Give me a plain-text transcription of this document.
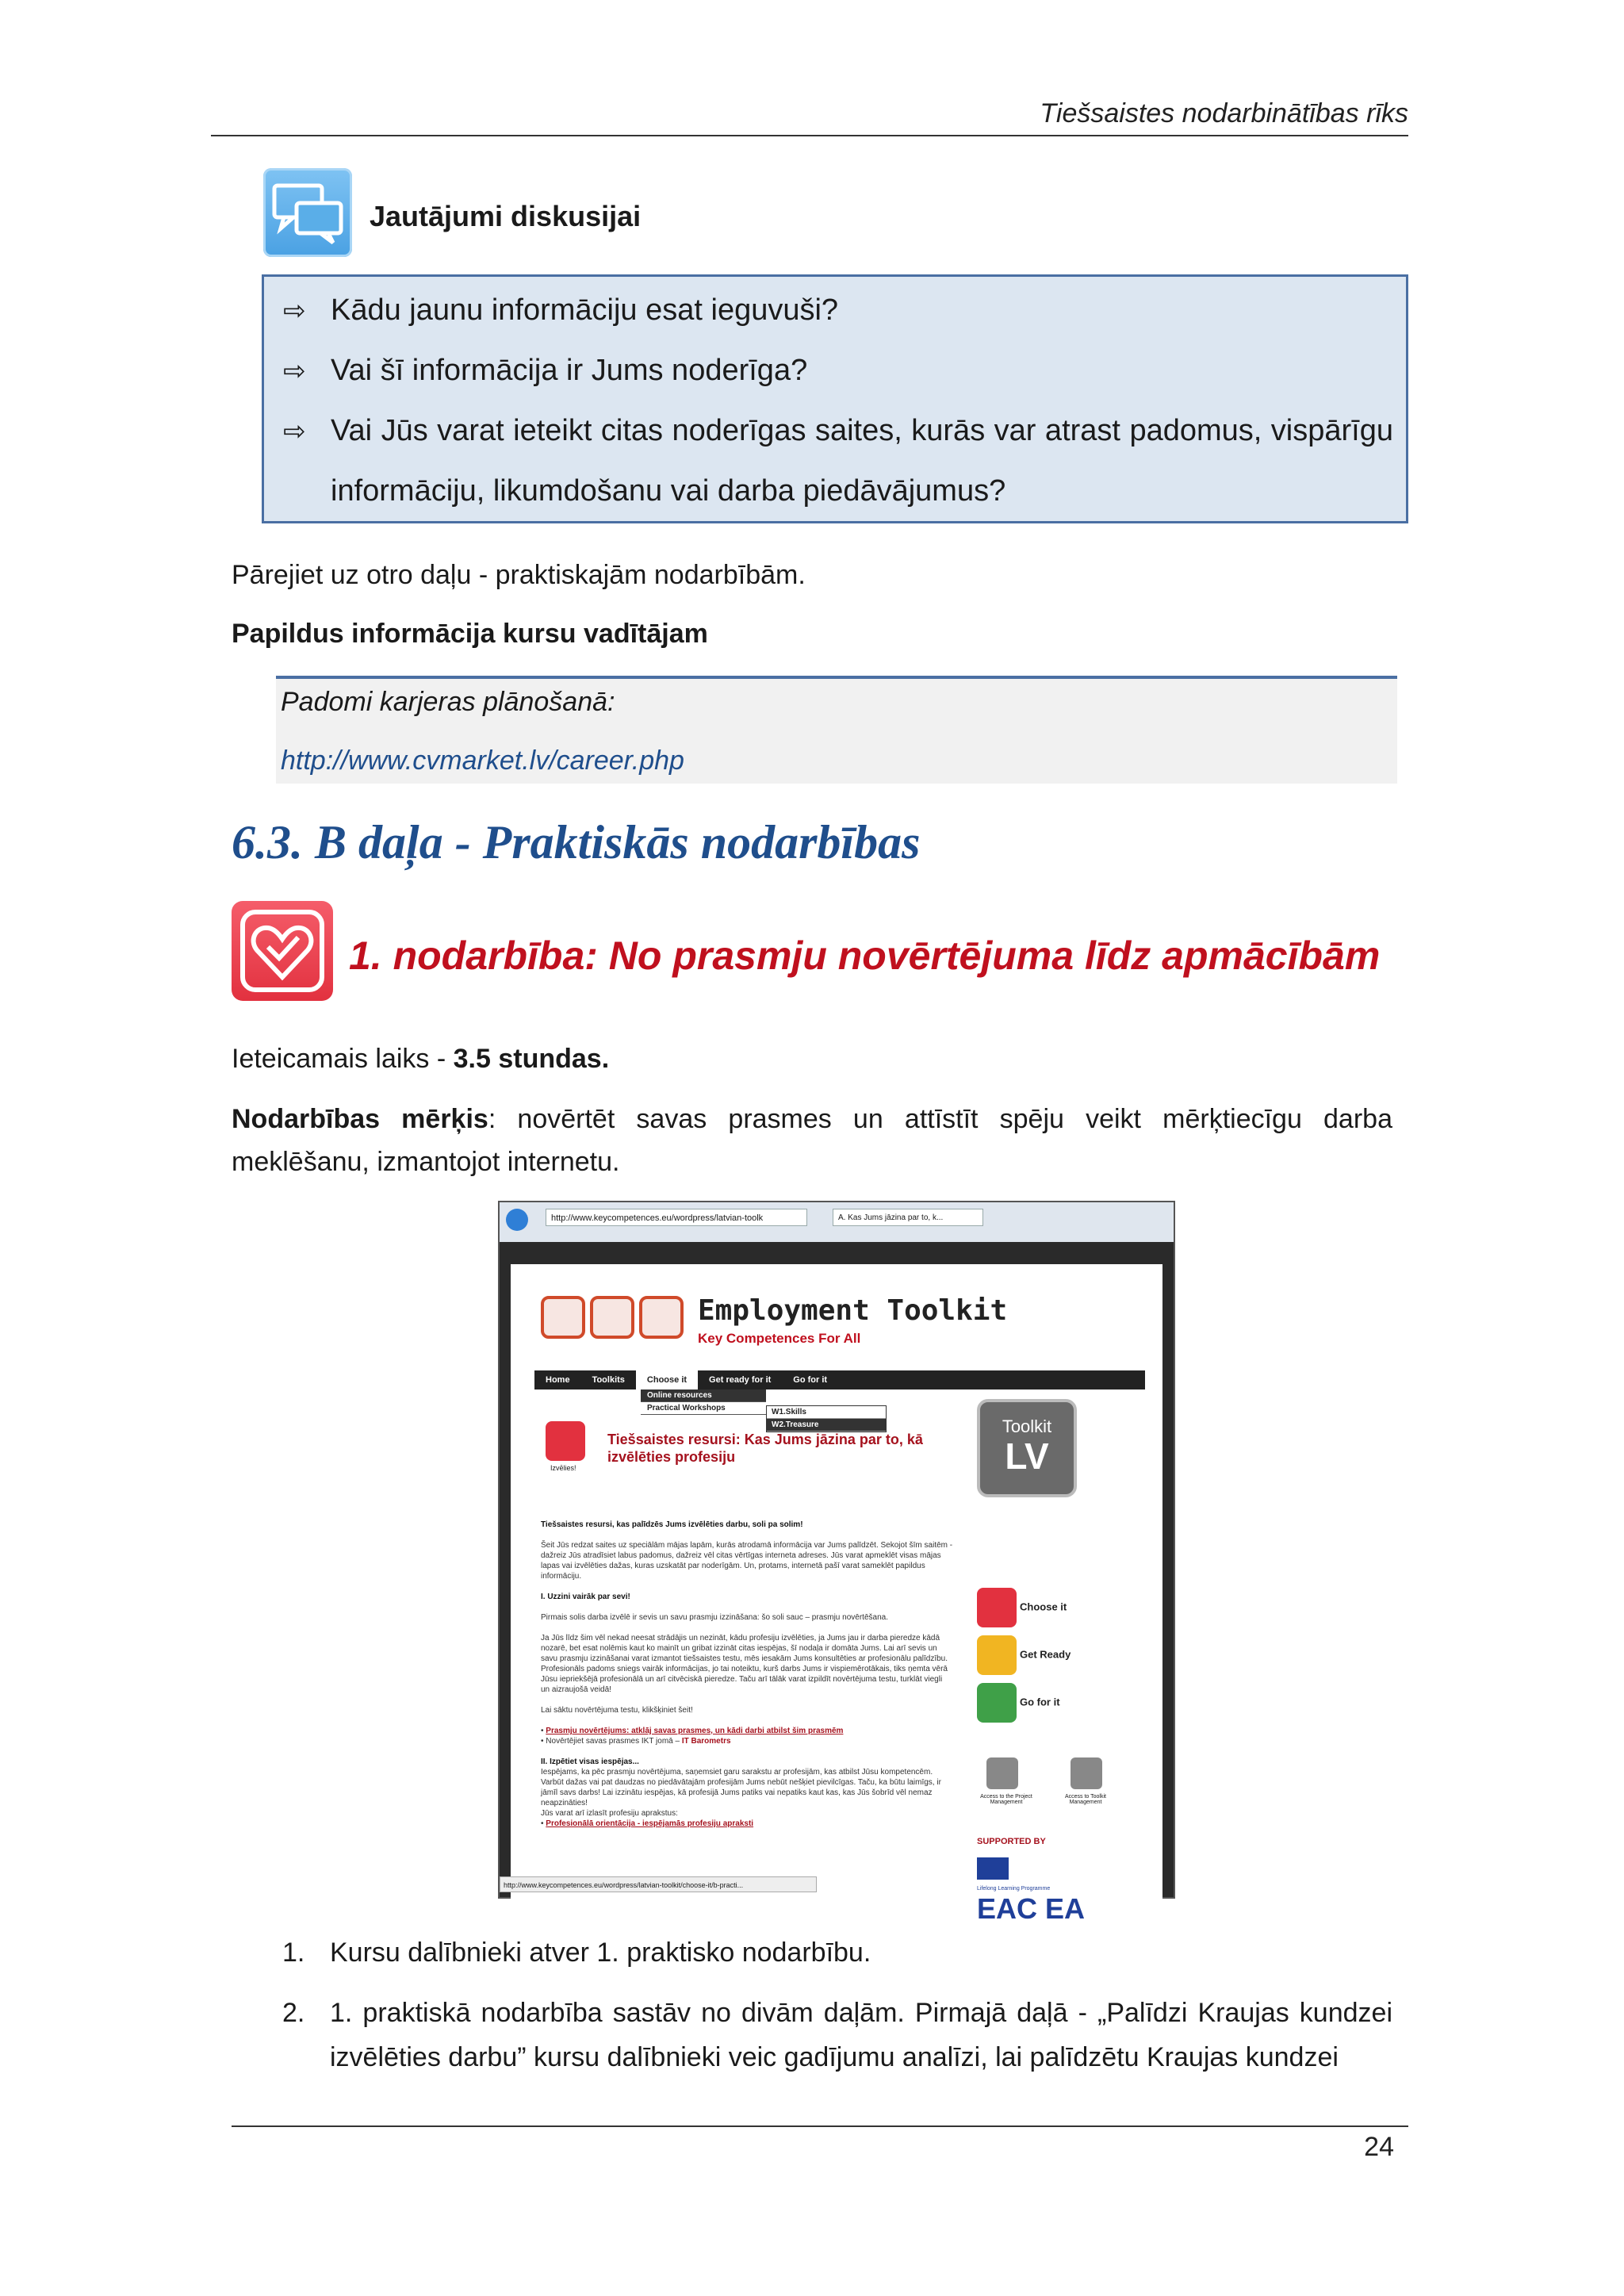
Tiešsaistes nodarbinātības rīks
Jautājumi diskusijai
⇨ Kādu jaunu informāciju esat ieguvuši?
⇨ Vai šī informācija ir Jums noderīga?
⇨ Vai Jūs varat ieteikt citas noderīgas saites, kurās var atrast padomus, vispārīgu informāciju, likumdošanu vai darba piedāvājumus?
Pārejiet uz otro daļu - praktiskajām nodarbībām.
Papildus informācija kursu vadītājam
Padomi karjeras plānošanā:
http://www.cvmarket.lv/career.php
6.3. B daļa - Praktiskās nodarbības
1. nodarbība: No prasmju novērtējuma līdz apmācībām
Ieteicamais laiks - 3.5 stundas.
Nodarbības mērķis: novērtēt savas prasmes un attīstīt spēju veikt mērķtiecīgu darba meklēšanu, izmantojot internetu.
http://www.keycompetences.eu/wordpress/latvian-toolk	A. Kas Jums jāzina par to, k...
Employment Toolkit
Key Competences For All
Home	Toolkits	Choose it	Get ready for it	Go for it
Online resources
Practical Workshops	W1.Skills
W2.Treasure
Izvēlies!
Tiešsaistes resursi: Kas Jums jāzina par to, kā izvēlēties profesiju
Toolkit
LV
Tiešsaistes resursi, kas palīdzēs Jums izvēlēties darbu, soli pa solim!

Šeit Jūs redzat saites uz speciālām mājas lapām, kurās atrodamā informācija var Jums palīdzēt. Sekojot šīm saitēm - dažreiz Jūs atradīsiet labus padomus, dažreiz vēl citas vērtīgas interneta adreses. Jūs varat apmeklēt visas mājas lapas vai izvēlēties dažas, kuras uzskatāt par noderīgām. Un, protams, internetā pašī varat sameklēt papildus informāciju.

I. Uzzini vairāk par sevi!

Pirmais solis darba izvēlē ir sevis un savu prasmju izzināšana: šo soli sauc – prasmju novērtēšana.

Ja Jūs līdz šim vēl nekad neesat strādājis un nezināt, kādu profesiju izvēlēties, ja Jums jau ir darba pieredze kādā nozarē, bet esat nolēmis kaut ko mainīt un gribat izzināt citas iespējas, šī nodaļa ir domāta Jums. Lai arī sevis un savu prasmju izzināšanai varat izmantot tiešsaistes testu, mēs iesakām Jums konsultēties ar profesionālu palīdzību. Profesionāls padoms sniegs vairāk informācijas, jo tai noteiktu, kurš darbs Jums ir vispiemērotākais, tiks ņemta vērā Jūsu iepriekšējā profesionālā un arī citvēciskā pieredze. Taču arī tālāk varat izpildīt novērtējuma testu, turklāt viegli un aizraujošā veidā!

Lai sāktu novērtējuma testu, klikšķiniet šeit!

• Prasmju novērtējums: atklāj savas prasmes, un kādi darbi atbilst šim prasmēm
• Novērtējiet savas prasmes IKT jomā – IT Barometrs

II. Izpētiet visas iespējas...
Iespējams, ka pēc prasmju novērtējuma, saņemsiet garu sarakstu ar profesijām, kas atbilst Jūsu kompetencēm. Varbūt dažas vai pat daudzas no piedāvātajām profesijām Jums nebūt nešķiet pievilcīgas. Taču, ka būtu laimīgs, ir jāmīl savs darbs! Lai izzinātu iespējas, kā profesijā Jums patiks vai nepatiks kaut kas, kas Jūs šobrīd vēl nemaz neapzināties!
Jūs varat arī izlasīt profesiju aprakstus:
• Profesionālā orientācija - iespējamās profesiju apraksti
Choose it
Get Ready
Go for it
Access to the Project Management
Access to Toolkit Management
SUPPORTED BY
Lifelong Learning Programme
EAC EA
http://www.keycompetences.eu/wordpress/latvian-toolkit/choose-it/b-practi...
1. Kursu dalībnieki atver 1. praktisko nodarbību.
2. 1. praktiskā nodarbība sastāv no divām daļām. Pirmajā daļā - „Palīdzi Kraujas kundzei izvēlēties darbu” kursu dalībnieki veic gadījumu analīzi, lai palīdzētu Kraujas kundzei
24
